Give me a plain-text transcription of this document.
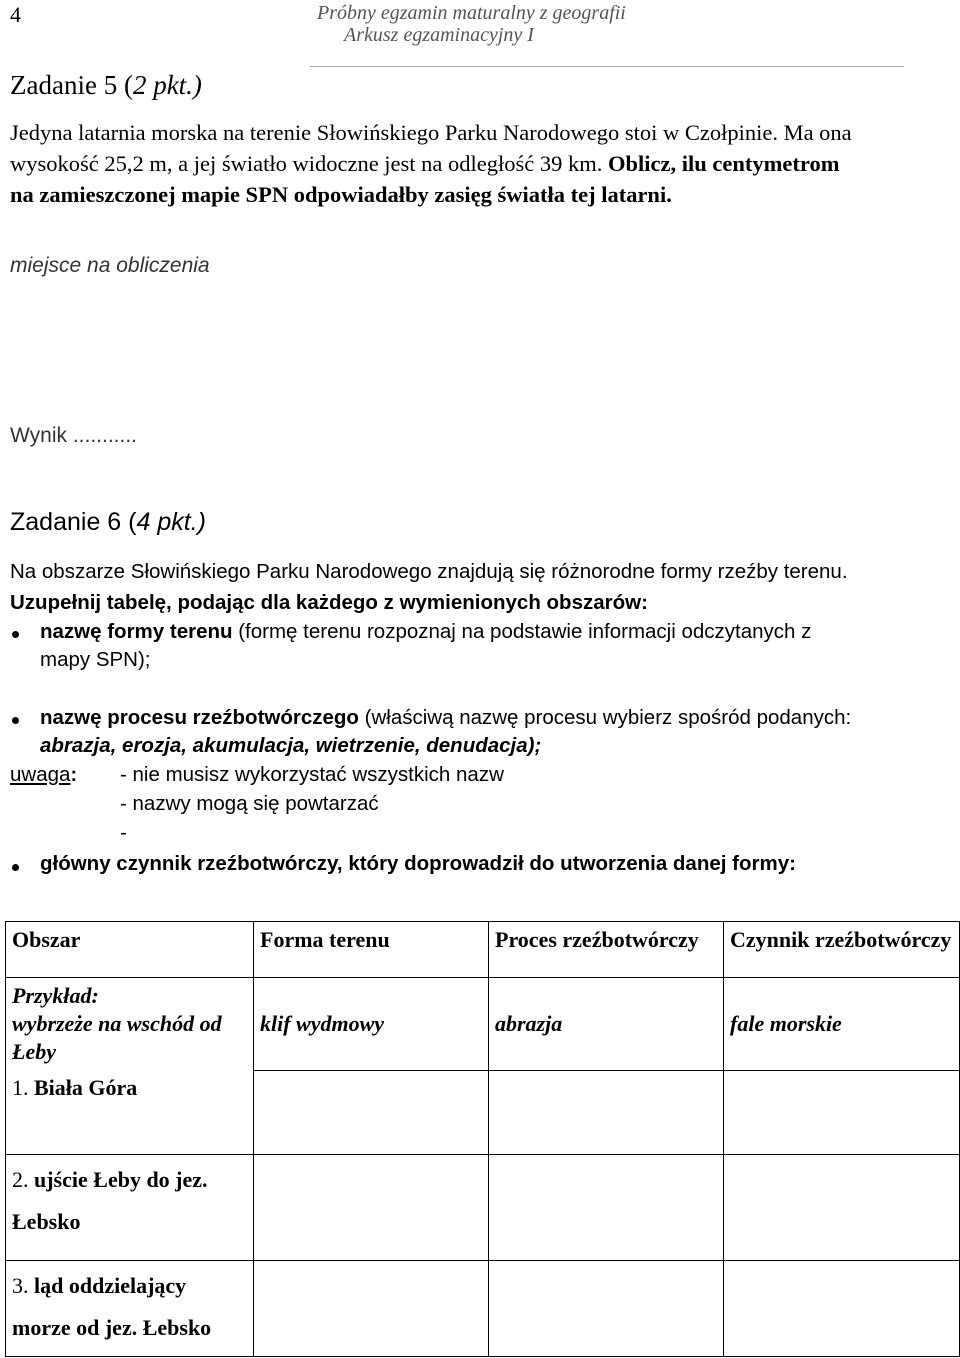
4	Próbny egzamin maturalny z geografii
Arkusz egzaminacyjny I
Zadanie 5 (2 pkt.)
Jedyna latarnia morska na terenie Słowińskiego Parku Narodowego stoi w Czołpinie. Ma ona
wysokość 25,2 m, a jej światło widoczne jest na odległość 39 km. Oblicz, ilu centymetrom
na zamieszczonej mapie SPN odpowiadałby zasięg światła tej latarni.
miejsce na obliczenia
Wynik ...........
Zadanie 6 (4 pkt.)
Na obszarze Słowińskiego Parku Narodowego znajdują się różnorodne formy rzeźby terenu.
Uzupełnij tabelę, podając dla każdego z wymienionych obszarów:
nazwę formy terenu (formę terenu rozpoznaj na podstawie informacji odczytanych z
mapy SPN);
nazwę procesu rzeźbotwórczego (właściwą nazwę procesu wybierz spośród podanych:
abrazja, erozja, akumulacja, wietrzenie, denudacja);
uwaga: - nie musisz wykorzystać wszystkich nazw
- nazwy mogą się powtarzać
-
główny czynnik rzeźbotwórczy, który doprowadził do utworzenia danej formy:
Obszar	Forma terenu	Proces rzeźbotwórczy	Czynnik rzeźbotwórczy

Przykład:
wybrzeże na wschód od Łeby	klif wydmowy	abrazja	fale morskie
1. Biała Góra			

2. ujście Łeby do jez.
Łebsko			

3. ląd oddzielający
morze od jez. Łebsko			
